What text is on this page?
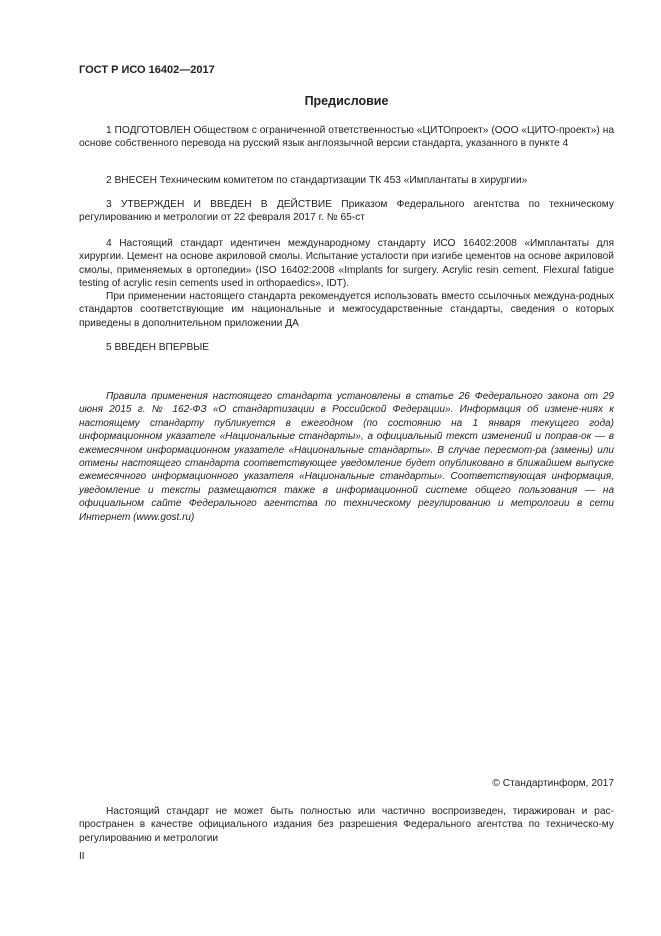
ГОСТ Р ИСО 16402—2017
Предисловие
1 ПОДГОТОВЛЕН Обществом с ограниченной ответственностью «ЦИТОпроект» (ООО «ЦИТО-проект») на основе собственного перевода на русский язык англоязычной версии стандарта, указанного в пункте 4
2 ВНЕСЕН Техническим комитетом по стандартизации ТК 453 «Имплантаты в хирургии»
3 УТВЕРЖДЕН И ВВЕДЕН В ДЕЙСТВИЕ Приказом Федерального агентства по техническому регулированию и метрологии от 22 февраля 2017 г. № 65-ст
4 Настоящий стандарт идентичен международному стандарту ИСО 16402:2008 «Имплантаты для хирургии. Цемент на основе акриловой смолы. Испытание усталости при изгибе цементов на основе акриловой смолы, применяемых в ортопедии» (ISO 16402:2008 «Implants for surgery. Acrylic resin cement. Flexural fatigue testing of acrylic resin cements used in orthopaedics», IDT).
При применении настоящего стандарта рекомендуется использовать вместо ссылочных междуна-родных стандартов соответствующие им национальные и межгосударственные стандарты, сведения о которых приведены в дополнительном приложении ДА
5 ВВЕДЕН ВПЕРВЫЕ
Правила применения настоящего стандарта установлены в статье 26 Федерального закона от 29 июня 2015 г. № 162-ФЗ «О стандартизации в Российской Федерации». Информация об измене-ниях к настоящему стандарту публикуется в ежегодном (по состоянию на 1 января текущего года) информационном указателе «Национальные стандарты», а официальный текст изменений и поправ-ок — в ежемесячном информационном указателе «Национальные стандарты». В случае пересмот-ра (замены) или отмены настоящего стандарта соответствующее уведомление будет опубликовано в ближайшем выпуске ежемесячного информационного указателя «Национальные стандарты». Соответствующая информация, уведомление и тексты размещаются также в информационной системе общего пользования — на официальном сайте Федерального агентства по техническому регулированию и метрологии в сети Интернет (www.gost.ru)
© Стандартинформ, 2017
Настоящий стандарт не может быть полностью или частично воспроизведен, тиражирован и рас-пространен в качестве официального издания без разрешения Федерального агентства по техническо-му регулированию и метрологии
II
